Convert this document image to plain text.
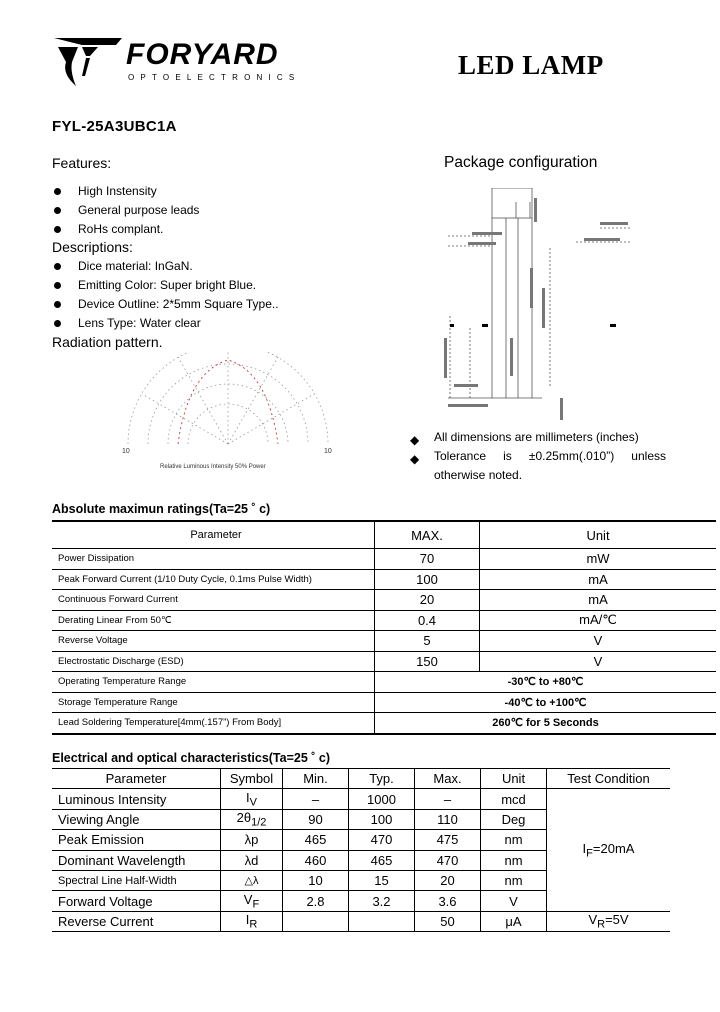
FORYARD
OPTOELECTRONICS	LED LAMP
FYL-25A3UBC1A
Features:
High Instensity
General purpose leads
RoHs complant.
Descriptions:
Dice material: InGaN.
Emitting Color: Super bright Blue.
Device Outline: 2*5mm Square Type..
Lens Type: Water clear
Radiation pattern.
10	10
Relative Luminous Intensity 50% Power
Package configuration
◆ All dimensions are millimeters (inches)
◆ Tolerance is ±0.25mm(.010”) unless otherwise noted.
Absolute maximun ratings(Ta=25 ˚ c)
Parameter	MAX.	Unit
Power Dissipation	70	mW
Peak Forward Current (1/10 Duty Cycle, 0.1ms Pulse Width)	100	mA
Continuous Forward Current	20	mA
Derating Linear From 50℃	0.4	mA/℃
Reverse Voltage	5	V
Electrostatic Discharge (ESD)	150	V
Operating Temperature Range	-30℃ to +80℃	
Storage Temperature Range	-40℃ to +100℃	
Lead Soldering Temperature[4mm(.157”) From Body]	260℃ for 5 Seconds	
Electrical and optical characteristics(Ta=25 ˚ c)
Parameter	Symbol	Min.	Typ.	Max.	Unit	Test Condition
Luminous Intensity	$I_V$	–	1000	–	mcd	$I_F=20mA$
Viewing Angle	$2\theta_{1/2}$	90	100	110	Deg	
Peak Emission	λp	465	470	475	nm	
Dominant Wavelength	λd	460	465	470	nm	
Spectral Line Half-Width	△λ	10	15	20	nm	
Forward Voltage	$V_F$	2.8	3.2	3.6	V	
Reverse Current	$I_R$			50	μA	$V_R=5V$
